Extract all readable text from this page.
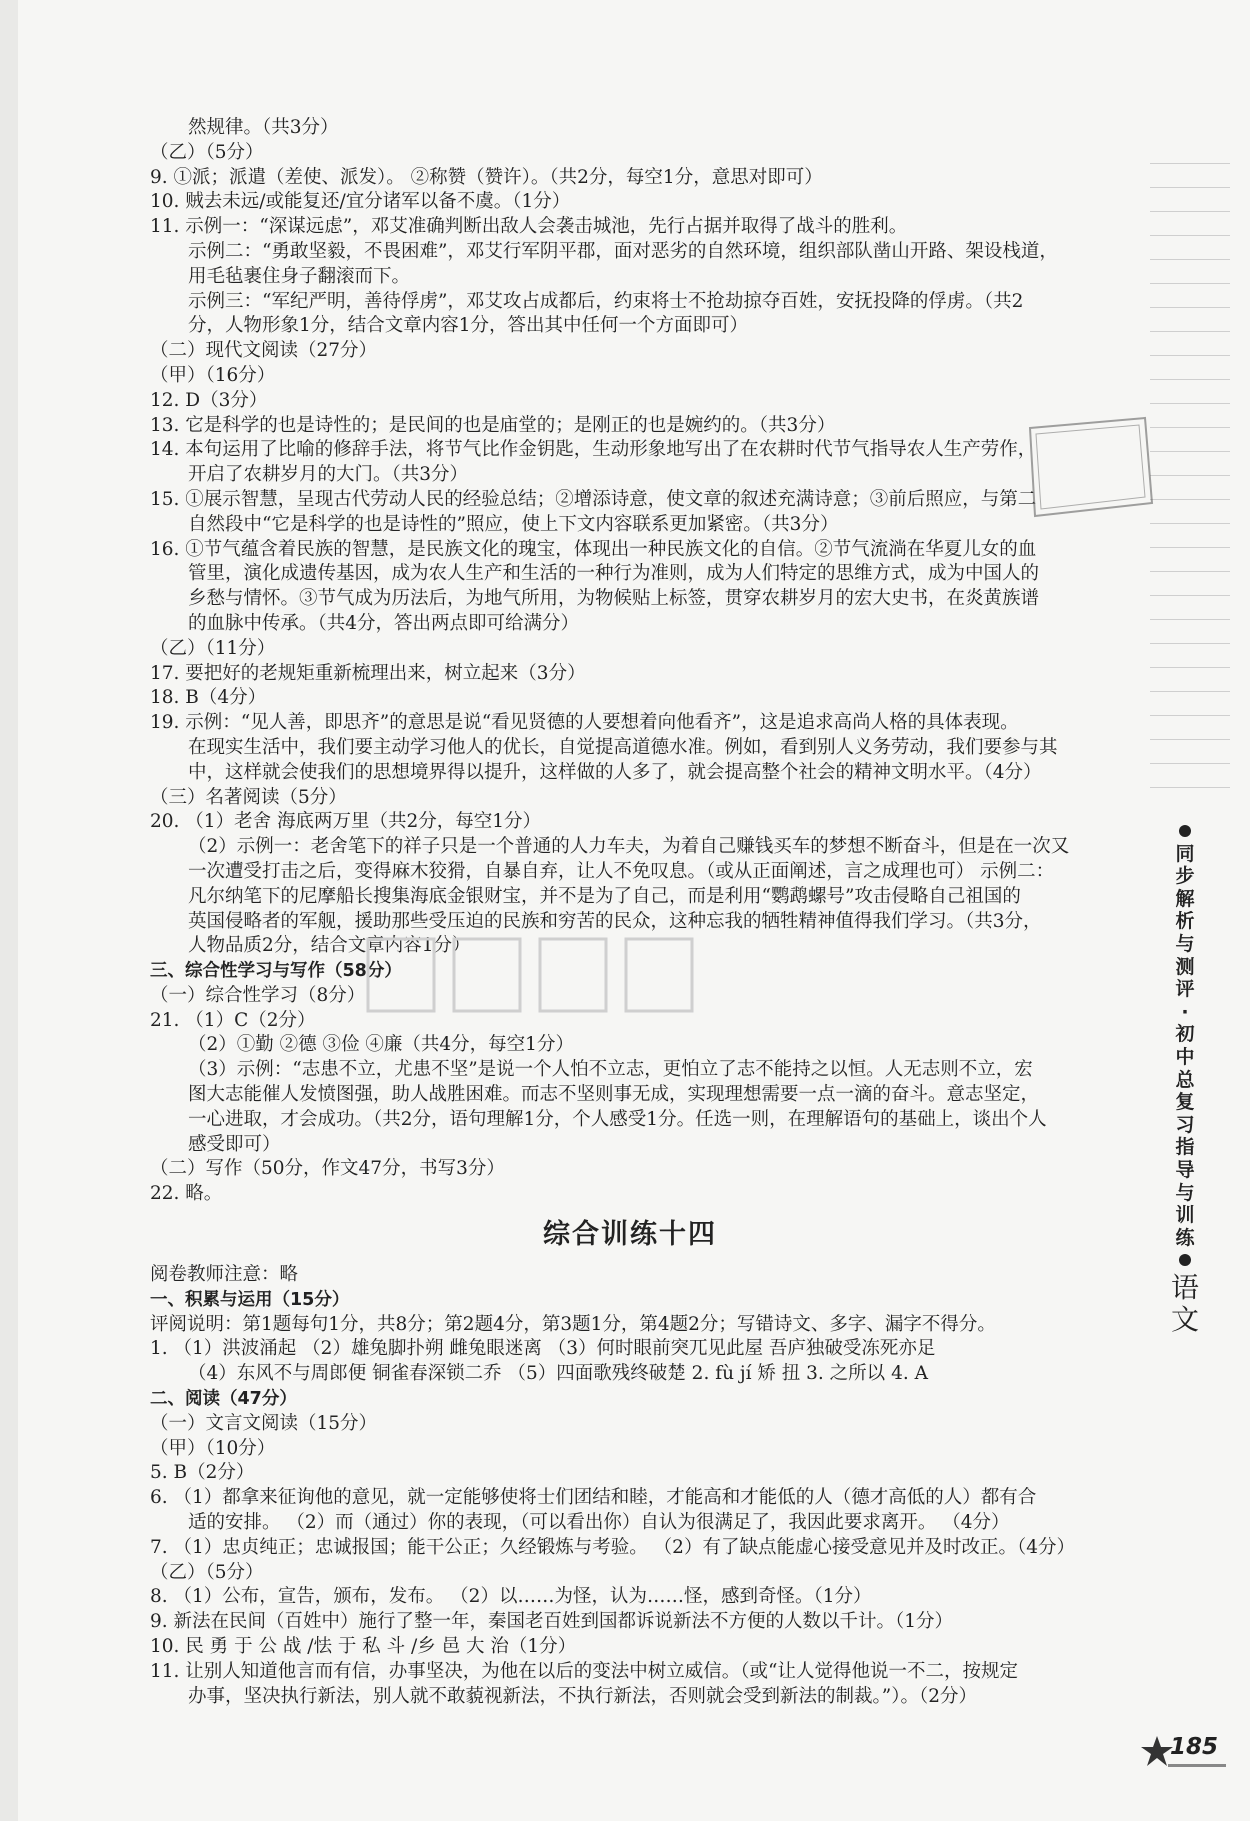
然规律。（共3分）
（乙）（5分）
9. ①派；派遣（差使、派发）。 ②称赞（赞许）。（共2分，每空1分，意思对即可）
10. 贼去未远/或能复还/宜分诸军以备不虞。（1分）
11. 示例一：“深谋远虑”，邓艾准确判断出敌人会袭击城池，先行占据并取得了战斗的胜利。
示例二：“勇敢坚毅，不畏困难”，邓艾行军阴平郡，面对恶劣的自然环境，组织部队凿山开路、架设栈道，
用毛毡裹住身子翻滚而下。
示例三：“军纪严明，善待俘虏”，邓艾攻占成都后，约束将士不抢劫掠夺百姓，安抚投降的俘虏。（共2
分，人物形象1分，结合文章内容1分，答出其中任何一个方面即可）
（二）现代文阅读（27分）
（甲）（16分）
12. D（3分）
13. 它是科学的也是诗性的；是民间的也是庙堂的；是刚正的也是婉约的。（共3分）
14. 本句运用了比喻的修辞手法，将节气比作金钥匙，生动形象地写出了在农耕时代节气指导农人生产劳作，
开启了农耕岁月的大门。（共3分）
15. ①展示智慧，呈现古代劳动人民的经验总结；②增添诗意，使文章的叙述充满诗意；③前后照应，与第二
自然段中“它是科学的也是诗性的”照应，使上下文内容联系更加紧密。（共3分）
16. ①节气蕴含着民族的智慧，是民族文化的瑰宝，体现出一种民族文化的自信。②节气流淌在华夏儿女的血
管里，演化成遗传基因，成为农人生产和生活的一种行为准则，成为人们特定的思维方式，成为中国人的
乡愁与情怀。③节气成为历法后，为地气所用，为物候贴上标签，贯穿农耕岁月的宏大史书，在炎黄族谱
的血脉中传承。（共4分，答出两点即可给满分）
（乙）（11分）
17. 要把好的老规矩重新梳理出来，树立起来（3分）
18. B（4分）
19. 示例：“见人善，即思齐”的意思是说“看见贤德的人要想着向他看齐”，这是追求高尚人格的具体表现。
在现实生活中，我们要主动学习他人的优长，自觉提高道德水准。例如，看到别人义务劳动，我们要参与其
中，这样就会使我们的思想境界得以提升，这样做的人多了，就会提高整个社会的精神文明水平。（4分）
（三）名著阅读（5分）
20. （1）老舍 海底两万里（共2分，每空1分）
（2）示例一：老舍笔下的祥子只是一个普通的人力车夫，为着自己赚钱买车的梦想不断奋斗，但是在一次又
一次遭受打击之后，变得麻木狡猾，自暴自弃，让人不免叹息。（或从正面阐述，言之成理也可） 示例二：
凡尔纳笔下的尼摩船长搜集海底金银财宝，并不是为了自己，而是利用“鹦鹉螺号”攻击侵略自己祖国的
英国侵略者的军舰，援助那些受压迫的民族和穷苦的民众，这种忘我的牺牲精神值得我们学习。（共3分，
人物品质2分，结合文章内容1分）
三、综合性学习与写作（58分）
（一）综合性学习（8分）
21. （1）C（2分）
（2）①勤 ②德 ③俭 ④廉（共4分，每空1分）
（3）示例：“志患不立，尤患不坚”是说一个人怕不立志，更怕立了志不能持之以恒。人无志则不立，宏
图大志能催人发愤图强，助人战胜困难。而志不坚则事无成，实现理想需要一点一滴的奋斗。意志坚定，
一心进取，才会成功。（共2分，语句理解1分，个人感受1分。任选一则，在理解语句的基础上，谈出个人
感受即可）
（二）写作（50分，作文47分，书写3分）
22. 略。
综合训练十四
阅卷教师注意：略
一、积累与运用（15分）
评阅说明：第1题每句1分，共8分；第2题4分，第3题1分，第4题2分；写错诗文、多字、漏字不得分。
1. （1）洪波涌起 （2）雄兔脚扑朔 雌兔眼迷离 （3）何时眼前突兀见此屋 吾庐独破受冻死亦足
（4）东风不与周郎便 铜雀春深锁二乔 （5）四面歌残终破楚 2. fù jí 矫 扭 3. 之所以 4. A
二、阅读（47分）
（一）文言文阅读（15分）
（甲）（10分）
5. B（2分）
6. （1）都拿来征询他的意见，就一定能够使将士们团结和睦，才能高和才能低的人（德才高低的人）都有合
适的安排。 （2）而（通过）你的表现，（可以看出你）自认为很满足了，我因此要求离开。 （4分）
7. （1）忠贞纯正；忠诚报国；能干公正；久经锻炼与考验。 （2）有了缺点能虚心接受意见并及时改正。（4分）
（乙）（5分）
8. （1）公布，宣告，颁布，发布。 （2）以……为怪，认为……怪，感到奇怪。（1分）
9. 新法在民间（百姓中）施行了整一年，秦国老百姓到国都诉说新法不方便的人数以千计。（1分）
10. 民 勇 于 公 战 /怯 于 私 斗 /乡 邑 大 治（1分）
11. 让别人知道他言而有信，办事坚决，为他在以后的变法中树立威信。（或“让人觉得他说一不二，按规定
办事，坚决执行新法，别人就不敢藐视新法，不执行新法，否则就会受到新法的制裁。”）。（2分）

同
步
解
析
与
测
评
·
初
中
总
复
习
指
导
与
训
练
语
文
185
